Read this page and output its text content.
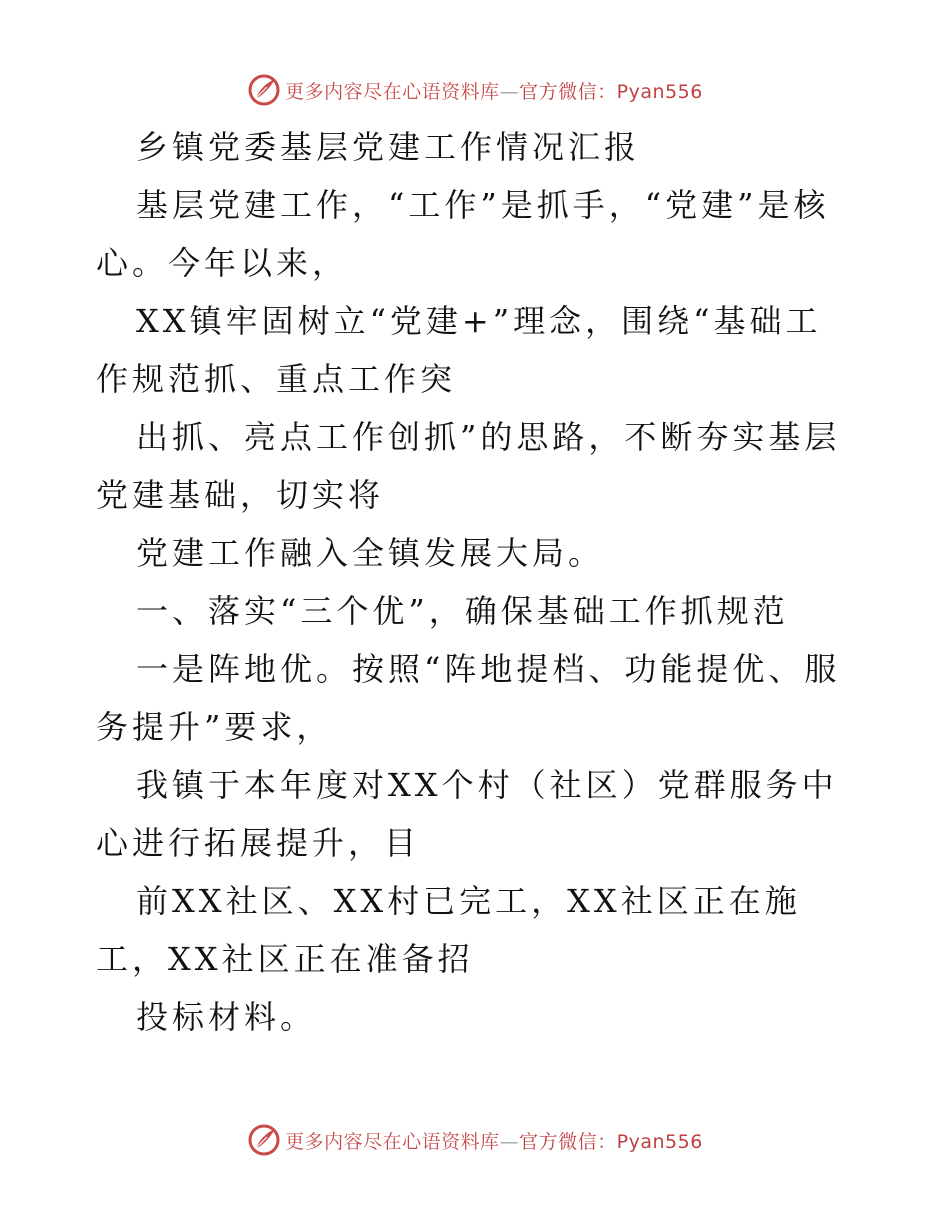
更多内容尽在心语资料库—官方微信：Pyan556

乡镇党委基层党建工作情况汇报

基层党建工作，“工作”是抓手，“党建”是核心。今年以来，

XX镇牢固树立“党建+”理念，围绕“基础工作规范抓、重点工作突

出抓、亮点工作创抓”的思路，不断夯实基层党建基础，切实将

党建工作融入全镇发展大局。

一、落实“三个优”，确保基础工作抓规范

一是阵地优。按照“阵地提档、功能提优、服务提升”要求，

我镇于本年度对XX个村（社区）党群服务中心进行拓展提升，目

前XX社区、XX村已完工，XX社区正在施工，XX社区正在准备招

投标材料。

更多内容尽在心语资料库—官方微信：Pyan556
